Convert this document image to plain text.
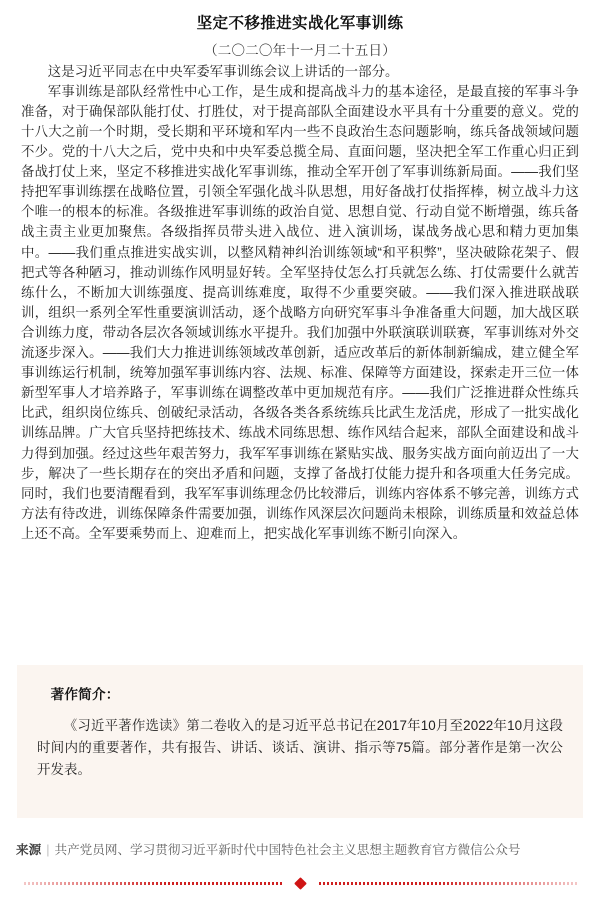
坚定不移推进实战化军事训练
（二〇二〇年十一月二十五日）

这是习近平同志在中央军委军事训练会议上讲话的一部分。

军事训练是部队经常性中心工作，是生成和提高战斗力的基本途径，是最直接的军事斗争准备，对于确保部队能打仗、打胜仗，对于提高部队全面建设水平具有十分重要的意义。党的十八大之前一个时期，受长期和平环境和军内一些不良政治生态问题影响，练兵备战领域问题不少。党的十八大之后，党中央和中央军委总揽全局、直面问题，坚决把全军工作重心归正到备战打仗上来，坚定不移推进实战化军事训练，推动全军开创了军事训练新局面。——我们坚持把军事训练摆在战略位置，引领全军强化战斗队思想，用好备战打仗指挥棒，树立战斗力这个唯一的根本的标准。各级推进军事训练的政治自觉、思想自觉、行动自觉不断增强，练兵备战主责主业更加聚焦。各级指挥员带头进入战位、进入演训场，谋战务战心思和精力更加集中。——我们重点推进实战实训，以整风精神纠治训练领域“和平积弊”，坚决破除花架子、假把式等各种陋习，推动训练作风明显好转。全军坚持仗怎么打兵就怎么练、打仗需要什么就苦练什么，不断加大训练强度、提高训练难度，取得不少重要突破。——我们深入推进联战联训，组织一系列全军性重要演训活动，逐个战略方向研究军事斗争准备重大问题，加大战区联合训练力度，带动各层次各领域训练水平提升。我们加强中外联演联训联赛，军事训练对外交流逐步深入。——我们大力推进训练领域改革创新，适应改革后的新体制新编成，建立健全军事训练运行机制，统筹加强军事训练内容、法规、标准、保障等方面建设，探索走开三位一体新型军事人才培养路子，军事训练在调整改革中更加规范有序。——我们广泛推进群众性练兵比武，组织岗位练兵、创破纪录活动，各级各类各系统练兵比武生龙活虎，形成了一批实战化训练品牌。广大官兵坚持把练技术、练战术同练思想、练作风结合起来，部队全面建设和战斗力得到加强。经过这些年艰苦努力，我军军事训练在紧贴实战、服务实战方面向前迈出了一大步，解决了一些长期存在的突出矛盾和问题，支撑了备战打仗能力提升和各项重大任务完成。同时，我们也要清醒看到，我军军事训练理念仍比较滞后，训练内容体系不够完善，训练方式方法有待改进，训练保障条件需要加强，训练作风深层次问题尚未根除，训练质量和效益总体上还不高。全军要乘势而上、迎难而上，把实战化军事训练不断引向深入。

著作简介：
《习近平著作选读》第二卷收入的是习近平总书记在2017年10月至2022年10月这段时间内的重要著作，共有报告、讲话、谈话、演讲、指示等75篇。部分著作是第一次公开发表。
来源 | 共产党员网、学习贯彻习近平新时代中国特色社会主义思想主题教育官方微信公众号
